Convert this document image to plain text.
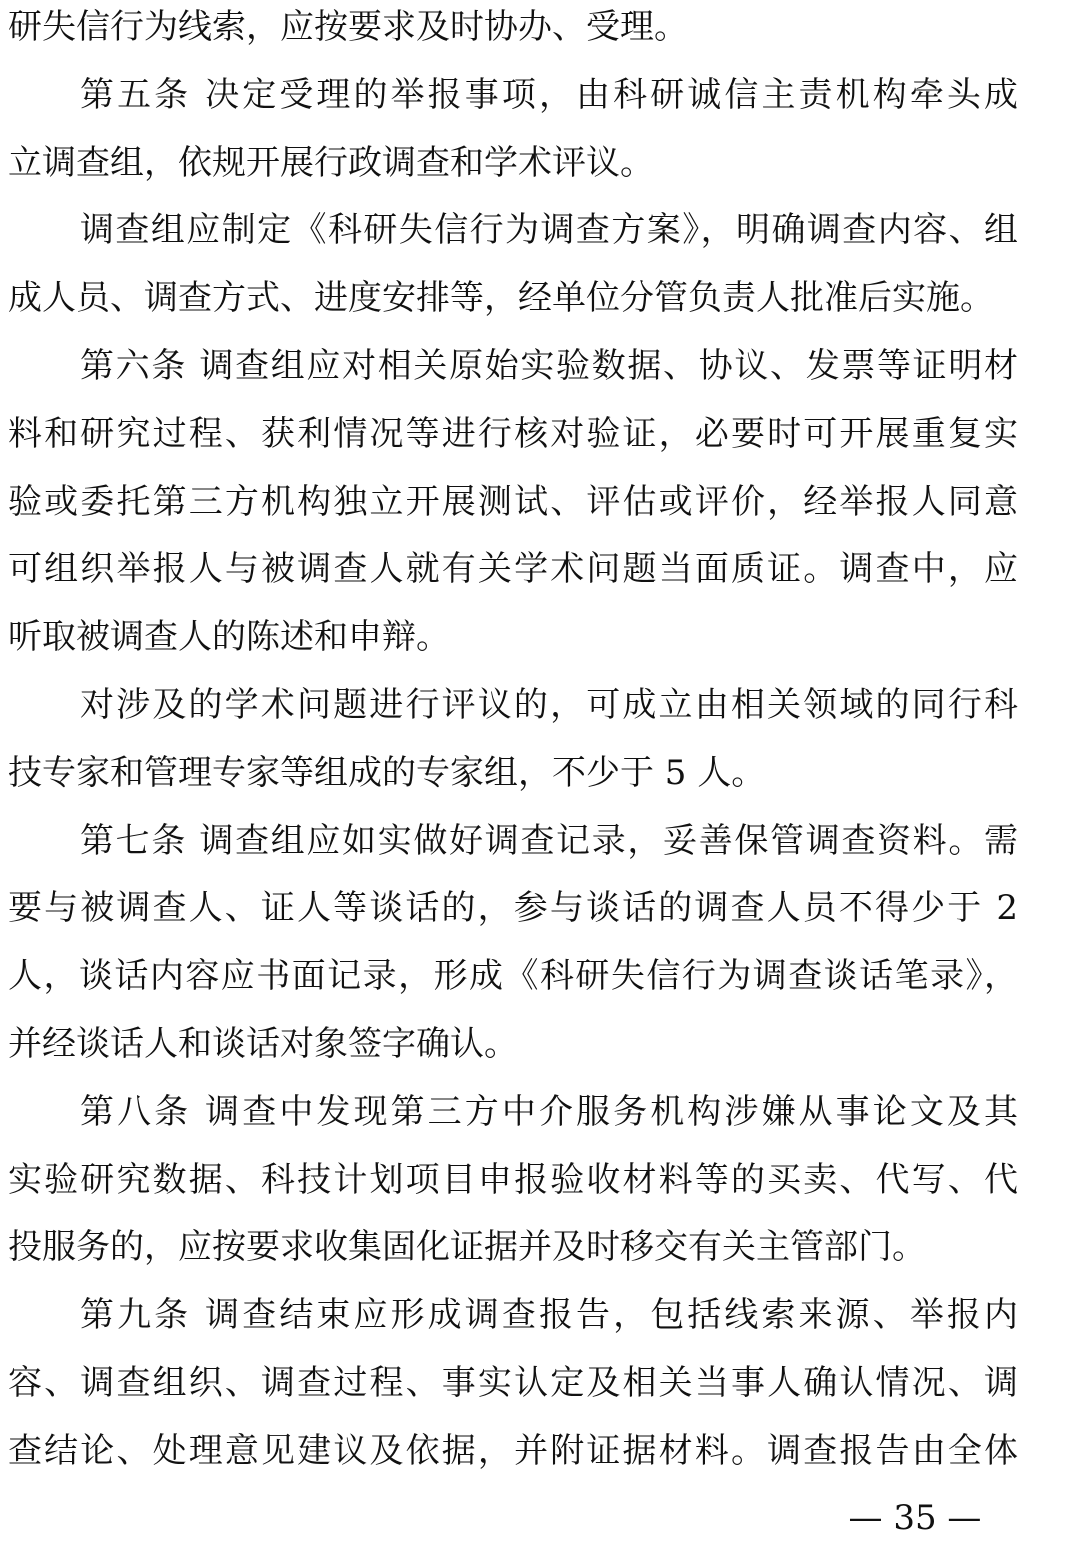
研失信行为线索，应按要求及时协办、受理。
第五条 决定受理的举报事项，由科研诚信主责机构牵头成
立调查组，依规开展行政调查和学术评议。
调查组应制定《科研失信行为调查方案》，明确调查内容、组
成人员、调查方式、进度安排等，经单位分管负责人批准后实施。
第六条 调查组应对相关原始实验数据、协议、发票等证明材
料和研究过程、获利情况等进行核对验证，必要时可开展重复实
验或委托第三方机构独立开展测试、评估或评价，经举报人同意
可组织举报人与被调查人就有关学术问题当面质证。调查中，应
听取被调查人的陈述和申辩。
对涉及的学术问题进行评议的，可成立由相关领域的同行科
技专家和管理专家等组成的专家组，不少于 5 人。
第七条 调查组应如实做好调查记录，妥善保管调查资料。需
要与被调查人、证人等谈话的，参与谈话的调查人员不得少于 2
人，谈话内容应书面记录，形成《科研失信行为调查谈话笔录》，
并经谈话人和谈话对象签字确认。
第八条 调查中发现第三方中介服务机构涉嫌从事论文及其
实验研究数据、科技计划项目申报验收材料等的买卖、代写、代
投服务的，应按要求收集固化证据并及时移交有关主管部门。
第九条 调查结束应形成调查报告，包括线索来源、举报内
容、调查组织、调查过程、事实认定及相关当事人确认情况、调
查结论、处理意见建议及依据，并附证据材料。调查报告由全体
— 35 —
